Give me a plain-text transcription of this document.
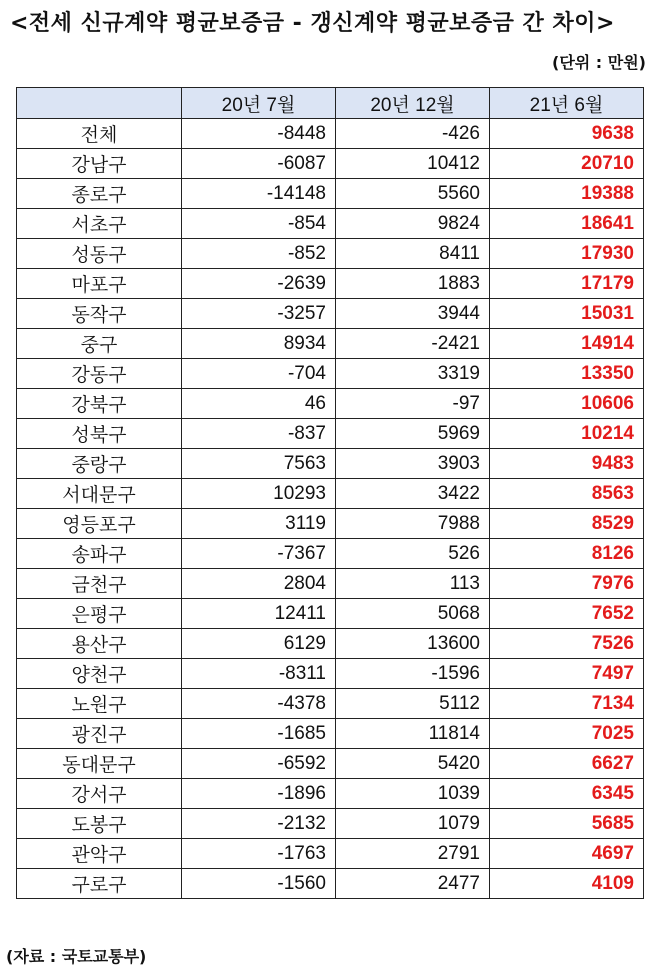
<전세 신규계약 평균보증금 - 갱신계약 평균보증금 간 차이>
(단위 : 만원)
	20년 7월	20년 12월	21년 6월
전체	-8448	-426	9638
강남구	-6087	10412	20710
종로구	-14148	5560	19388
서초구	-854	9824	18641
성동구	-852	8411	17930
마포구	-2639	1883	17179
동작구	-3257	3944	15031
중구	8934	-2421	14914
강동구	-704	3319	13350
강북구	46	-97	10606
성북구	-837	5969	10214
중랑구	7563	3903	9483
서대문구	10293	3422	8563
영등포구	3119	7988	8529
송파구	-7367	526	8126
금천구	2804	113	7976
은평구	12411	5068	7652
용산구	6129	13600	7526
양천구	-8311	-1596	7497
노원구	-4378	5112	7134
광진구	-1685	11814	7025
동대문구	-6592	5420	6627
강서구	-1896	1039	6345
도봉구	-2132	1079	5685
관악구	-1763	2791	4697
구로구	-1560	2477	4109
(자료 : 국토교통부)
